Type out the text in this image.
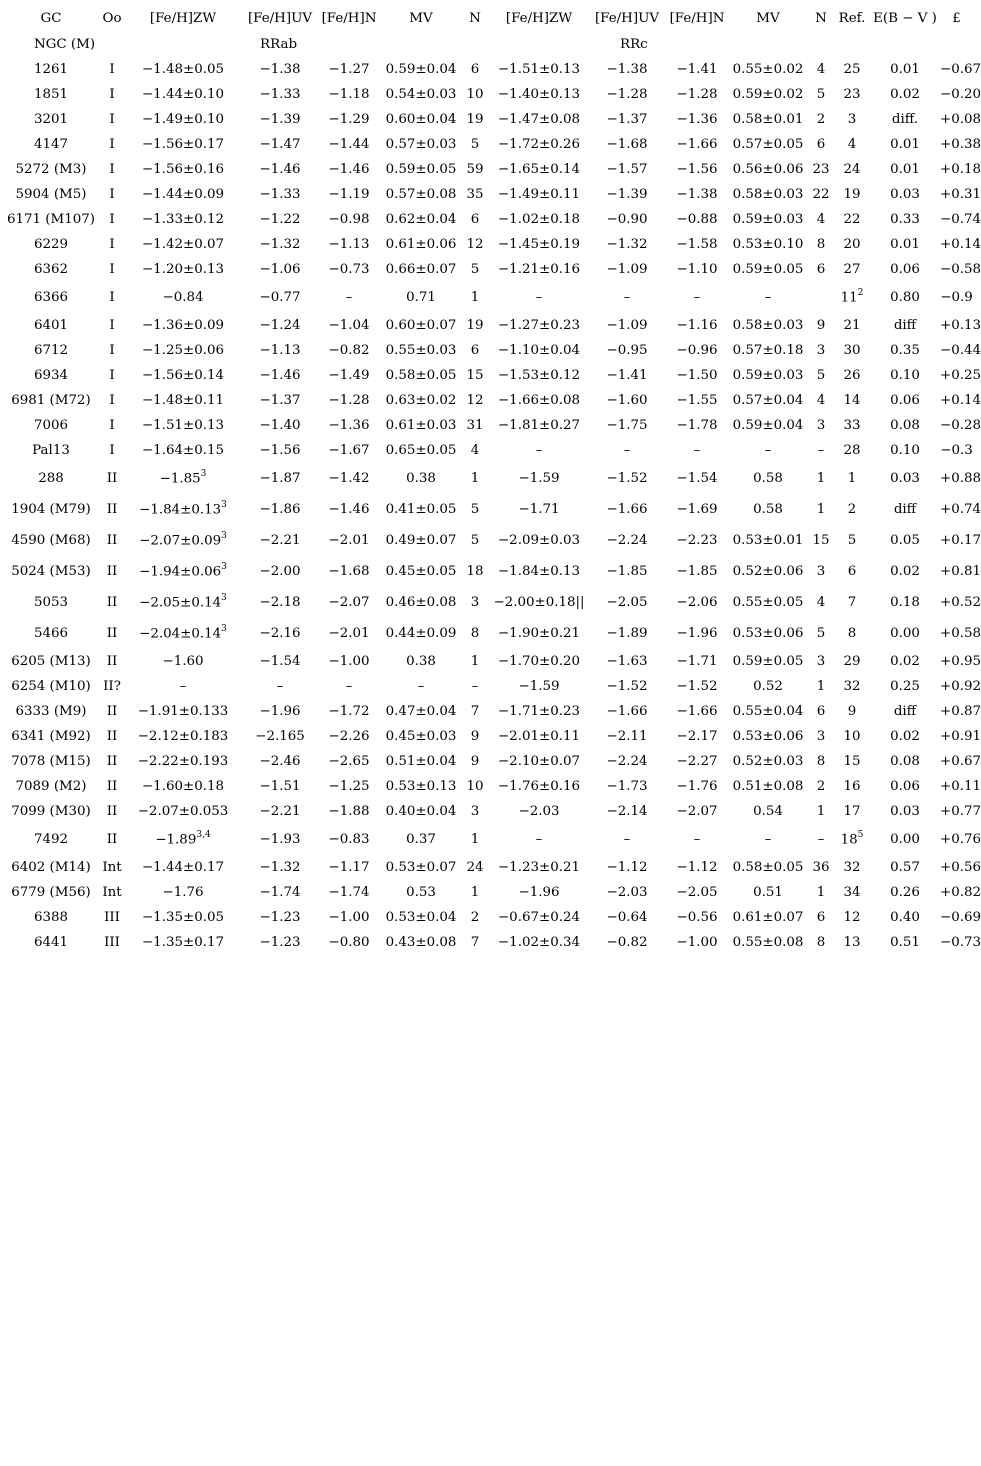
GC	Oo	[Fe/H]ZW	[Fe/H]UV	[Fe/H]N	MV	N	[Fe/H]ZW	[Fe/H]UV	[Fe/H]N	MV	N	Ref.	E(B − V )	£
NGC (M)		RRab					RRc							
1261	I	−1.48±0.05	−1.38	−1.27	0.59±0.04	6	−1.51±0.13	−1.38	−1.41	0.55±0.02	4	25	0.01	−0.67
1851	I	−1.44±0.10	−1.33	−1.18	0.54±0.03	10	−1.40±0.13	−1.28	−1.28	0.59±0.02	5	23	0.02	−0.20
3201	I	−1.49±0.10	−1.39	−1.29	0.60±0.04	19	−1.47±0.08	−1.37	−1.36	0.58±0.01	2	3	diff.	+0.08
4147	I	−1.56±0.17	−1.47	−1.44	0.57±0.03	5	−1.72±0.26	−1.68	−1.66	0.57±0.05	6	4	0.01	+0.38
5272 (M3)	I	−1.56±0.16	−1.46	−1.46	0.59±0.05	59	−1.65±0.14	−1.57	−1.56	0.56±0.06	23	24	0.01	+0.18
5904 (M5)	I	−1.44±0.09	−1.33	−1.19	0.57±0.08	35	−1.49±0.11	−1.39	−1.38	0.58±0.03	22	19	0.03	+0.31
6171 (M107)	I	−1.33±0.12	−1.22	−0.98	0.62±0.04	6	−1.02±0.18	−0.90	−0.88	0.59±0.03	4	22	0.33	−0.74
6229	I	−1.42±0.07	−1.32	−1.13	0.61±0.06	12	−1.45±0.19	−1.32	−1.58	0.53±0.10	8	20	0.01	+0.14
6362	I	−1.20±0.13	−1.06	−0.73	0.66±0.07	5	−1.21±0.16	−1.09	−1.10	0.59±0.05	6	27	0.06	−0.58
6366	I	−0.84	−0.77	–	0.71	1	–	–	–	–		$11^2$	0.80	−0.9
6401	I	−1.36±0.09	−1.24	−1.04	0.60±0.07	19	−1.27±0.23	−1.09	−1.16	0.58±0.03	9	21	diff	+0.13
6712	I	−1.25±0.06	−1.13	−0.82	0.55±0.03	6	−1.10±0.04	−0.95	−0.96	0.57±0.18	3	30	0.35	−0.44
6934	I	−1.56±0.14	−1.46	−1.49	0.58±0.05	15	−1.53±0.12	−1.41	−1.50	0.59±0.03	5	26	0.10	+0.25
6981 (M72)	I	−1.48±0.11	−1.37	−1.28	0.63±0.02	12	−1.66±0.08	−1.60	−1.55	0.57±0.04	4	14	0.06	+0.14
7006	I	−1.51±0.13	−1.40	−1.36	0.61±0.03	31	−1.81±0.27	−1.75	−1.78	0.59±0.04	3	33	0.08	−0.28
Pal13	I	−1.64±0.15	−1.56	−1.67	0.65±0.05	4	–	–	–	–	–	28	0.10	−0.3
288	II	$-1.85^3$	−1.87	−1.42	0.38	1	−1.59	−1.52	−1.54	0.58	1	1	0.03	+0.88
1904 (M79)	II	$-1.84\pm 0.13^3$	−1.86	−1.46	0.41±0.05	5	−1.71	−1.66	−1.69	0.58	1	2	diff	+0.74
4590 (M68)	II	$-2.07\pm 0.09^3$	−2.21	−2.01	0.49±0.07	5	−2.09±0.03	−2.24	−2.23	0.53±0.01	15	5	0.05	+0.17
5024 (M53)	II	$-1.94\pm 0.06^3$	−2.00	−1.68	0.45±0.05	18	−1.84±0.13	−1.85	−1.85	0.52±0.06	3	6	0.02	+0.81
5053	II	$-2.05\pm 0.14^3$	−2.18	−2.07	0.46±0.08	3	−2.00±0.18||	−2.05	−2.06	0.55±0.05	4	7	0.18	+0.52
5466	II	$-2.04\pm 0.14^3$	−2.16	−2.01	0.44±0.09	8	−1.90±0.21	−1.89	−1.96	0.53±0.06	5	8	0.00	+0.58
6205 (M13)	II	−1.60	−1.54	−1.00	0.38	1	−1.70±0.20	−1.63	−1.71	0.59±0.05	3	29	0.02	+0.95
6254 (M10)	II?	–	–	–	–	–	−1.59	−1.52	−1.52	0.52	1	32	0.25	+0.92
6333 (M9)	II	−1.91±0.133	−1.96	−1.72	0.47±0.04	7	−1.71±0.23	−1.66	−1.66	0.55±0.04	6	9	diff	+0.87
6341 (M92)	II	−2.12±0.183	−2.165	−2.26	0.45±0.03	9	−2.01±0.11	−2.11	−2.17	0.53±0.06	3	10	0.02	+0.91
7078 (M15)	II	−2.22±0.193	−2.46	−2.65	0.51±0.04	9	−2.10±0.07	−2.24	−2.27	0.52±0.03	8	15	0.08	+0.67
7089 (M2)	II	−1.60±0.18	−1.51	−1.25	0.53±0.13	10	−1.76±0.16	−1.73	−1.76	0.51±0.08	2	16	0.06	+0.11
7099 (M30)	II	−2.07±0.053	−2.21	−1.88	0.40±0.04	3	−2.03	−2.14	−2.07	0.54	1	17	0.03	+0.77
7492	II	$-1.89^{3,4}$	−1.93	−0.83	0.37	1	–	–	–	–	–	$18^5$	0.00	+0.76
6402 (M14)	Int	−1.44±0.17	−1.32	−1.17	0.53±0.07	24	−1.23±0.21	−1.12	−1.12	0.58±0.05	36	32	0.57	+0.56
6779 (M56)	Int	−1.76	−1.74	−1.74	0.53	1	−1.96	−2.03	−2.05	0.51	1	34	0.26	+0.82
6388	III	−1.35±0.05	−1.23	−1.00	0.53±0.04	2	−0.67±0.24	−0.64	−0.56	0.61±0.07	6	12	0.40	−0.69
6441	III	−1.35±0.17	−1.23	−0.80	0.43±0.08	7	−1.02±0.34	−0.82	−1.00	0.55±0.08	8	13	0.51	−0.73
